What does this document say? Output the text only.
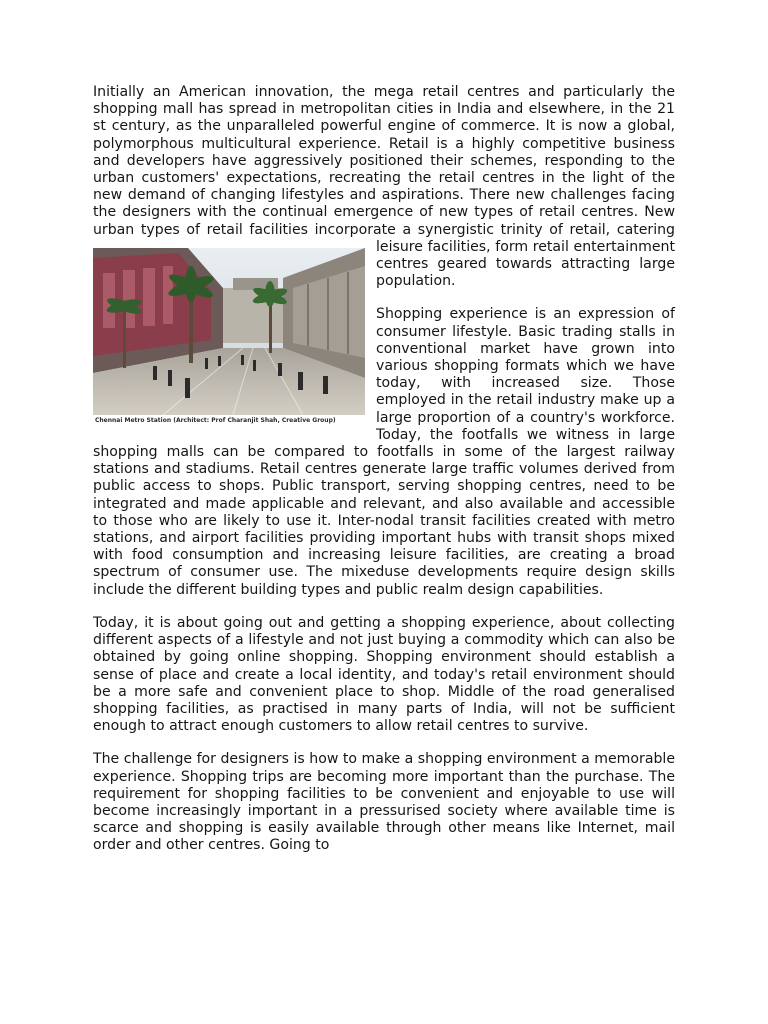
Initially an American innovation, the mega retail centres and particularly the shopping mall has spread in metropolitan cities in India and elsewhere, in the 21 st century, as the unparalleled powerful engine of commerce. It is now a global, polymorphous multicultural experience. Retail is a highly competitive business and developers have aggressively positioned their schemes, responding to the urban customers' expectations, recreating the retail centres in the light of the new demand of changing lifestyles and aspirations. There new challenges facing the designers with the continual emergence of new types of retail centres. New urban types of retail facilities incorporate a synergistic trinity of
Chennai Metro Station (Architect: Prof Charanjit Shah, Creative Group)
retail, catering leisure facilities, form retail entertainment centres geared towards attracting large population.

Shopping experience is an expression of consumer lifestyle. Basic trading stalls in conventional market have grown into various shopping formats which we have today, with increased size. Those employed in the retail industry make up a large proportion of a country's workforce. Today, the footfalls we witness in large shopping malls can be compared to footfalls in some of the largest railway stations and stadiums. Retail centres generate large traffic volumes derived from public access to shops. Public transport, serving shopping centres, need to be integrated and made applicable and relevant, and also available and accessible to those who are likely to use it. Inter-nodal transit facilities created with metro stations, and airport facilities providing important hubs with transit shops mixed with food consumption and increasing leisure facilities, are creating a broad spectrum of consumer use. The mixeduse developments require design skills include the different building types and public realm design capabilities.

Today, it is about going out and getting a shopping experience, about collecting different aspects of a lifestyle and not just buying a commodity which can also be obtained by going online shopping. Shopping environment should establish a sense of place and create a local identity, and today's retail environment should be a more safe and convenient place to shop. Middle of the road generalised shopping facilities, as practised in many parts of India, will not be sufficient enough to attract enough customers to allow retail centres to survive.

The challenge for designers is how to make a shopping environment a memorable experience. Shopping trips are becoming more important than the purchase. The requirement for shopping facilities to be convenient and enjoyable to use will become increasingly important in a pressurised society where available time is scarce and shopping is easily available through other means like Internet, mail order and other centres. Going to
